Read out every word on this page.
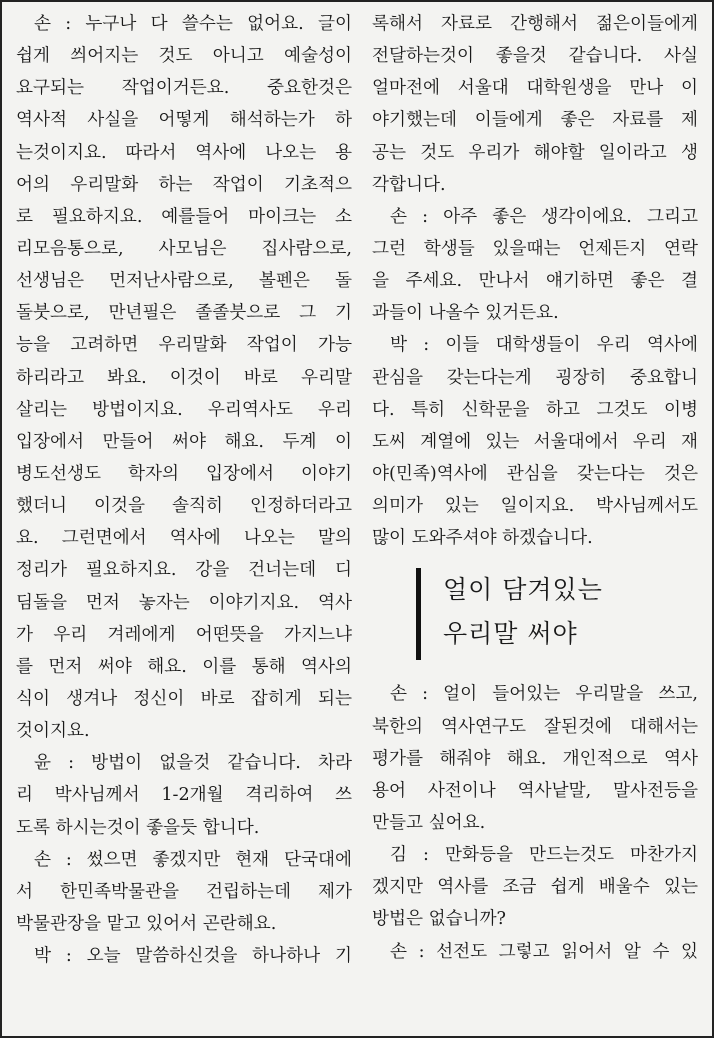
손 : 누구나 다 쓸수는 없어요. 글이
쉽게 씌어지는 것도 아니고 예술성이
요구되는 작업이거든요. 중요한것은
역사적 사실을 어떻게 해석하는가 하
는것이지요. 따라서 역사에 나오는 용
어의 우리말화 하는 작업이 기초적으
로 필요하지요. 예를들어 마이크는 소
리모음통으로, 사모님은 집사람으로,
선생님은 먼저난사람으로, 볼펜은 돌
돌붓으로, 만년필은 졸졸붓으로 그 기
능을 고려하면 우리말화 작업이 가능
하리라고 봐요. 이것이 바로 우리말
살리는 방법이지요. 우리역사도 우리
입장에서 만들어 써야 해요. 두계 이
병도선생도 학자의 입장에서 이야기
했더니 이것을 솔직히 인정하더라고
요. 그런면에서 역사에 나오는 말의
정리가 필요하지요. 강을 건너는데 디
딤돌을 먼저 놓자는 이야기지요. 역사
가 우리 겨레에게 어떤뜻을 가지느냐
를 먼저 써야 해요. 이를 통해 역사의
식이 생겨나 정신이 바로 잡히게 되는
것이지요.
윤 : 방법이 없을것 같습니다. 차라
리 박사님께서 1-2개월 격리하여 쓰
도록 하시는것이 좋을듯 합니다.
손 : 썼으면 좋겠지만 현재 단국대에
서 한민족박물관을 건립하는데 제가
박물관장을 맡고 있어서 곤란해요.
박 : 오늘 말씀하신것을 하나하나 기
록해서 자료로 간행해서 젊은이들에게
전달하는것이 좋을것 같습니다. 사실
얼마전에 서울대 대학원생을 만나 이
야기했는데 이들에게 좋은 자료를 제
공는 것도 우리가 해야할 일이라고 생
각합니다.
손 : 아주 좋은 생각이에요. 그리고
그런 학생들 있을때는 언제든지 연락
을 주세요. 만나서 얘기하면 좋은 결
과들이 나올수 있거든요.
박 : 이들 대학생들이 우리 역사에
관심을 갖는다는게 굉장히 중요합니
다. 특히 신학문을 하고 그것도 이병
도씨 계열에 있는 서울대에서 우리 재
야(민족)역사에 관심을 갖는다는 것은
의미가 있는 일이지요. 박사님께서도
많이 도와주셔야 하겠습니다.
얼이 담겨있는
우리말 써야
손 : 얼이 들어있는 우리말을 쓰고,
북한의 역사연구도 잘된것에 대해서는
평가를 해줘야 해요. 개인적으로 역사
용어 사전이나 역사낱말, 말사전등을
만들고 싶어요.
김 : 만화등을 만드는것도 마찬가지
겠지만 역사를 조금 쉽게 배울수 있는
방법은 없습니까?
손 : 선전도 그렇고 읽어서 알 수 있
